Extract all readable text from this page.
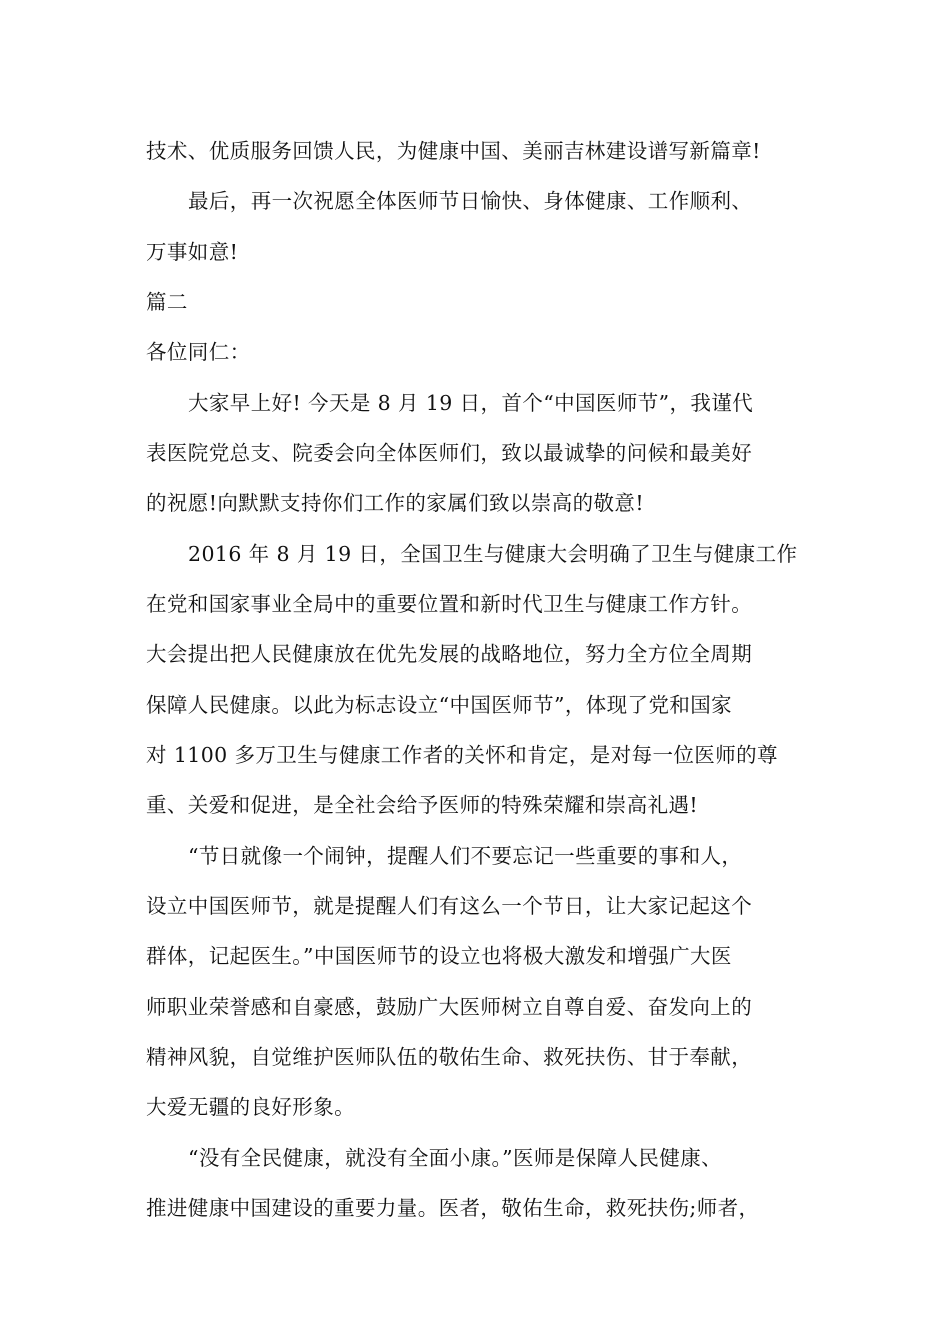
技术、优质服务回馈人民，为健康中国、美丽吉林建设谱写新篇章!
最后，再一次祝愿全体医师节日愉快、身体健康、工作顺利、
万事如意!
篇二
各位同仁：
大家早上好! 今天是 8 月 19 日，首个“中国医师节”，我谨代
表医院党总支、院委会向全体医师们，致以最诚挚的问候和最美好
的祝愿!向默默支持你们工作的家属们致以崇高的敬意!
2016 年 8 月 19 日，全国卫生与健康大会明确了卫生与健康工作
在党和国家事业全局中的重要位置和新时代卫生与健康工作方针。
大会提出把人民健康放在优先发展的战略地位，努力全方位全周期
保障人民健康。以此为标志设立“中国医师节”，体现了党和国家
对 1100 多万卫生与健康工作者的关怀和肯定，是对每一位医师的尊
重、关爱和促进，是全社会给予医师的特殊荣耀和崇高礼遇!
“节日就像一个闹钟，提醒人们不要忘记一些重要的事和人，
设立中国医师节，就是提醒人们有这么一个节日，让大家记起这个
群体，记起医生。”中国医师节的设立也将极大激发和增强广大医
师职业荣誉感和自豪感，鼓励广大医师树立自尊自爱、奋发向上的
精神风貌，自觉维护医师队伍的敬佑生命、救死扶伤、甘于奉献，
大爱无疆的良好形象。
“没有全民健康，就没有全面小康。”医师是保障人民健康、
推进健康中国建设的重要力量。医者，敬佑生命，救死扶伤;师者，
